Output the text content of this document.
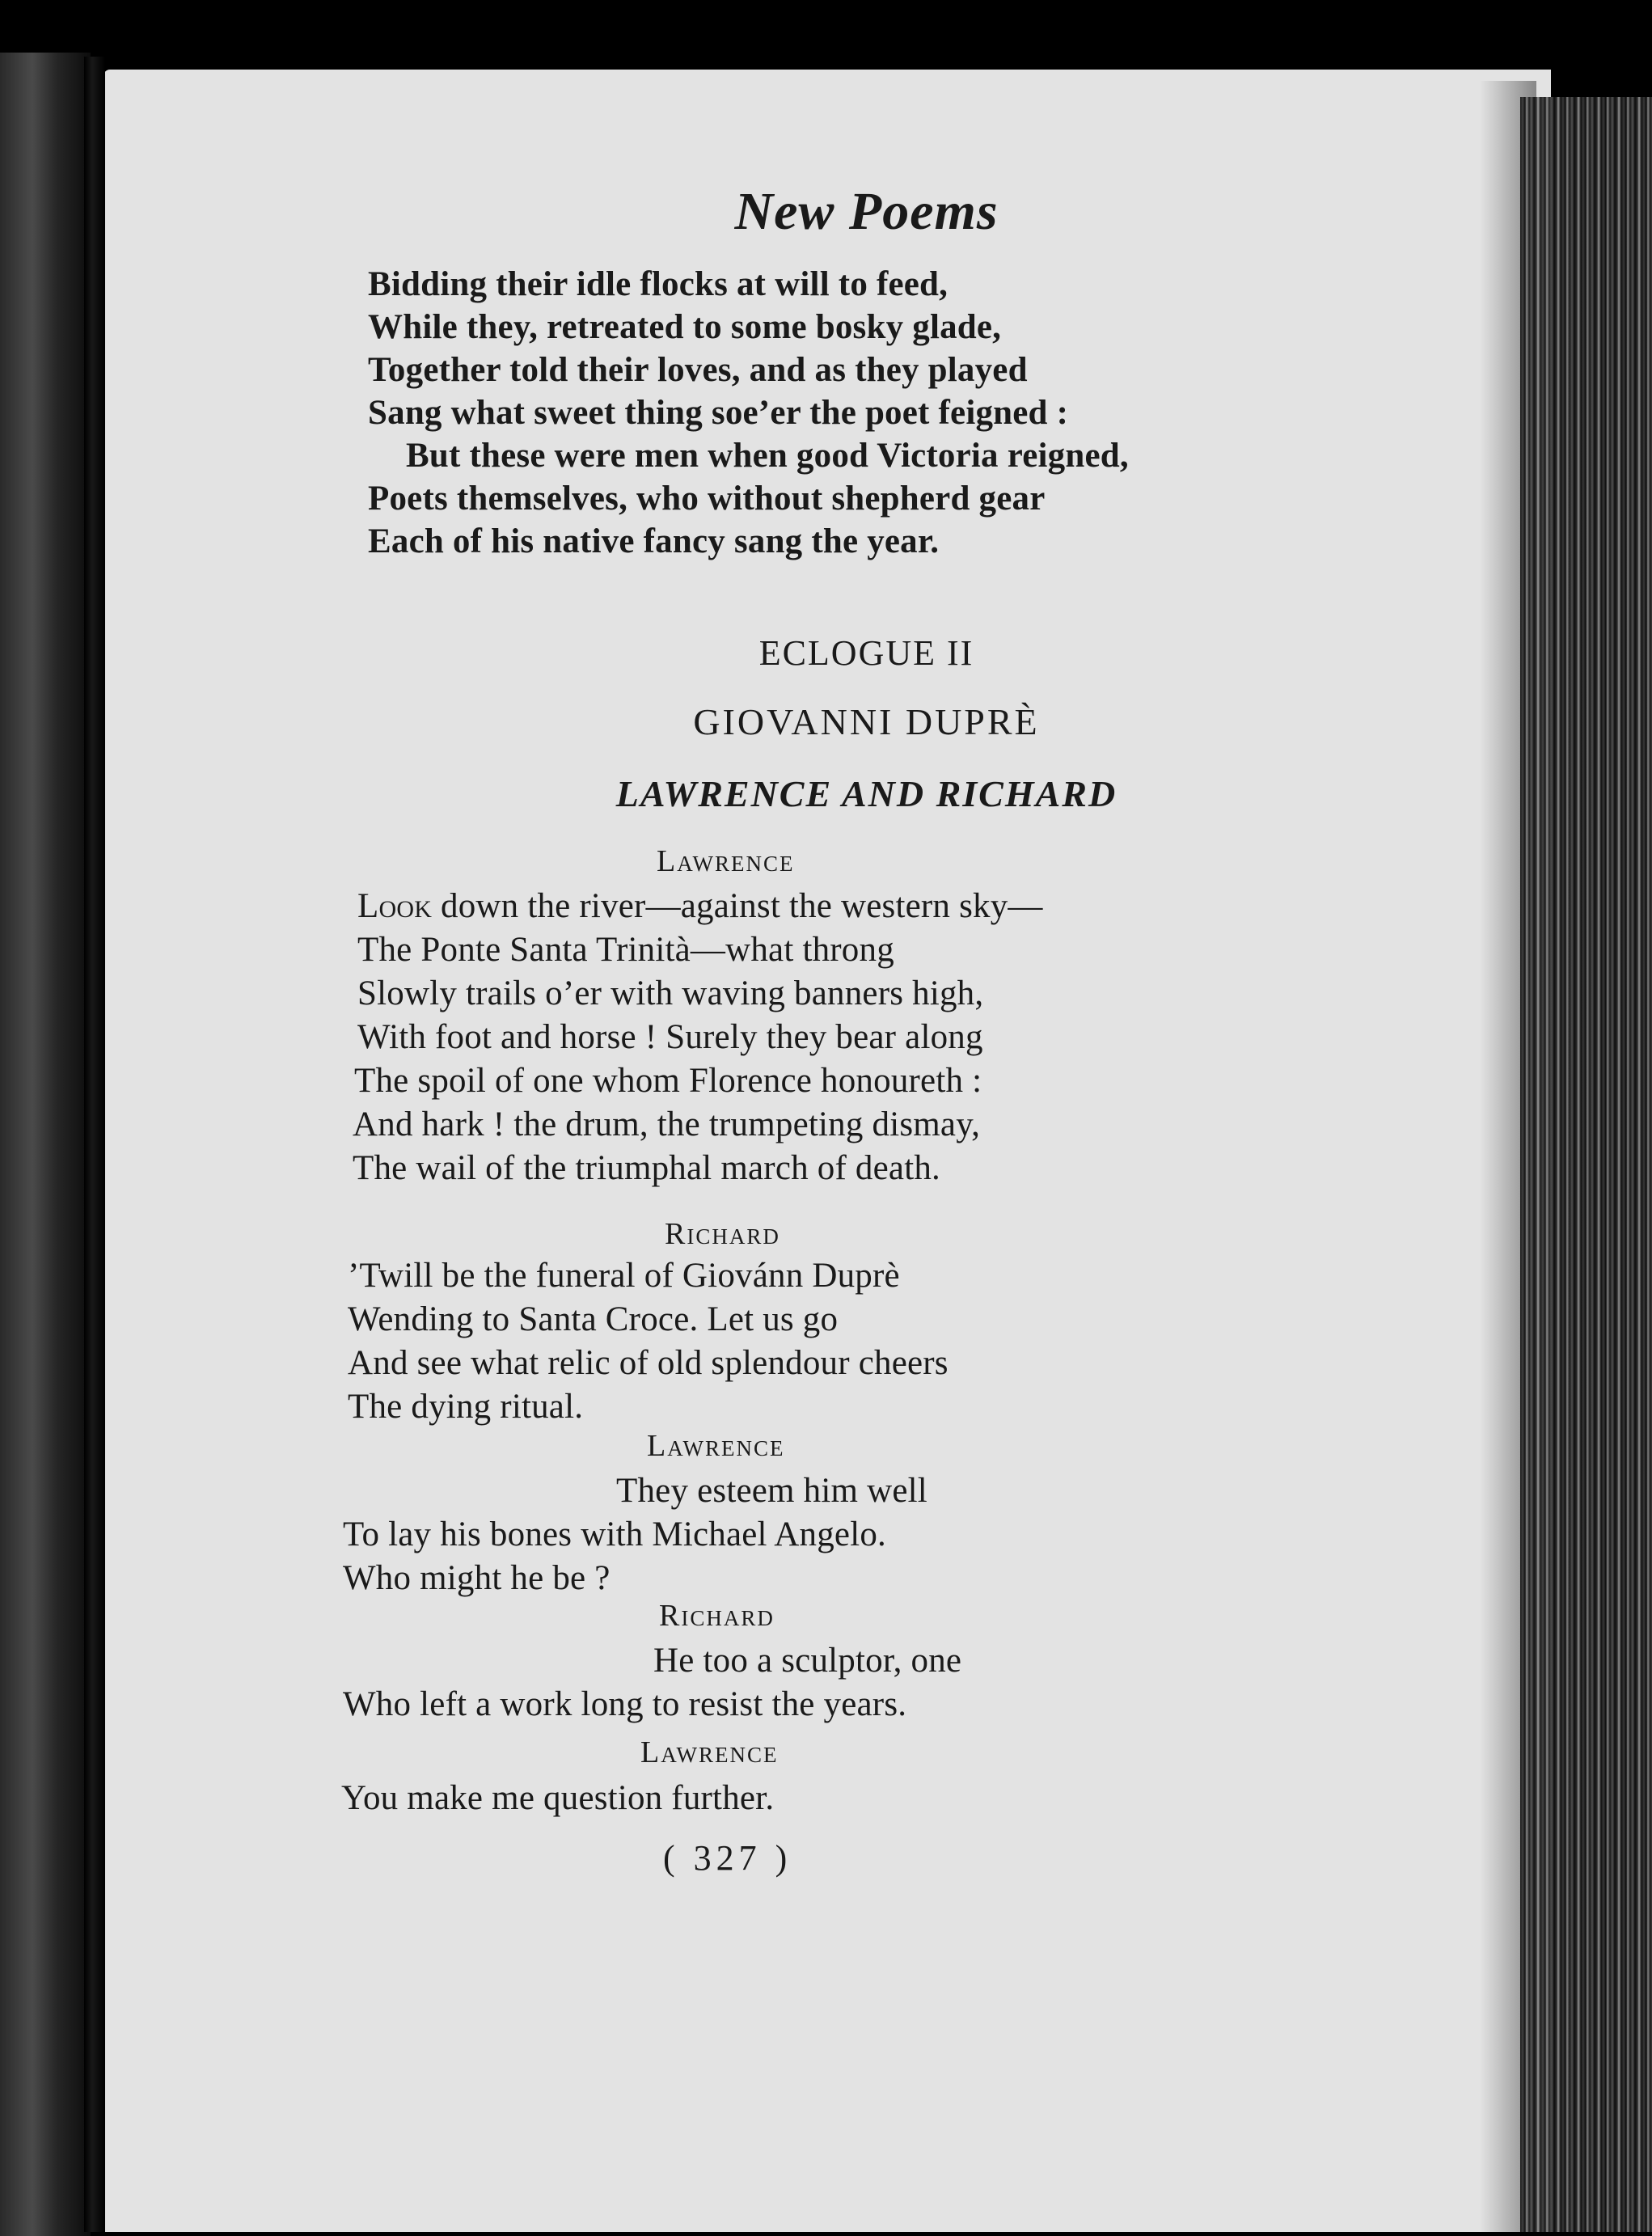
New Poems

Bidding their idle flocks at will to feed,

While they, retreated to some bosky glade,

Together told their loves, and as they played

Sang what sweet thing soe’er the poet feigned :

But these were men when good Victoria reigned,

Poets themselves, who without shepherd gear

Each of his native fancy sang the year.

ECLOGUE II
GIOVANNI DUPRÈ
LAWRENCE AND RICHARD
Lawrence

Look down the river—against the western sky—

The Ponte Santa Trinità—what throng

Slowly trails o’er with waving banners high,

With foot and horse ! Surely they bear along

The spoil of one whom Florence honoureth :

And hark ! the drum, the trumpeting dismay,

The wail of the triumphal march of death.

Richard

’Twill be the funeral of Giovánn Duprè

Wending to Santa Croce. Let us go

And see what relic of old splendour cheers

The dying ritual.

Lawrence

They esteem him well

To lay his bones with Michael Angelo.

Who might he be ?

Richard

He too a sculptor, one

Who left a work long to resist the years.

Lawrence

You make me question further.

( 327 )
